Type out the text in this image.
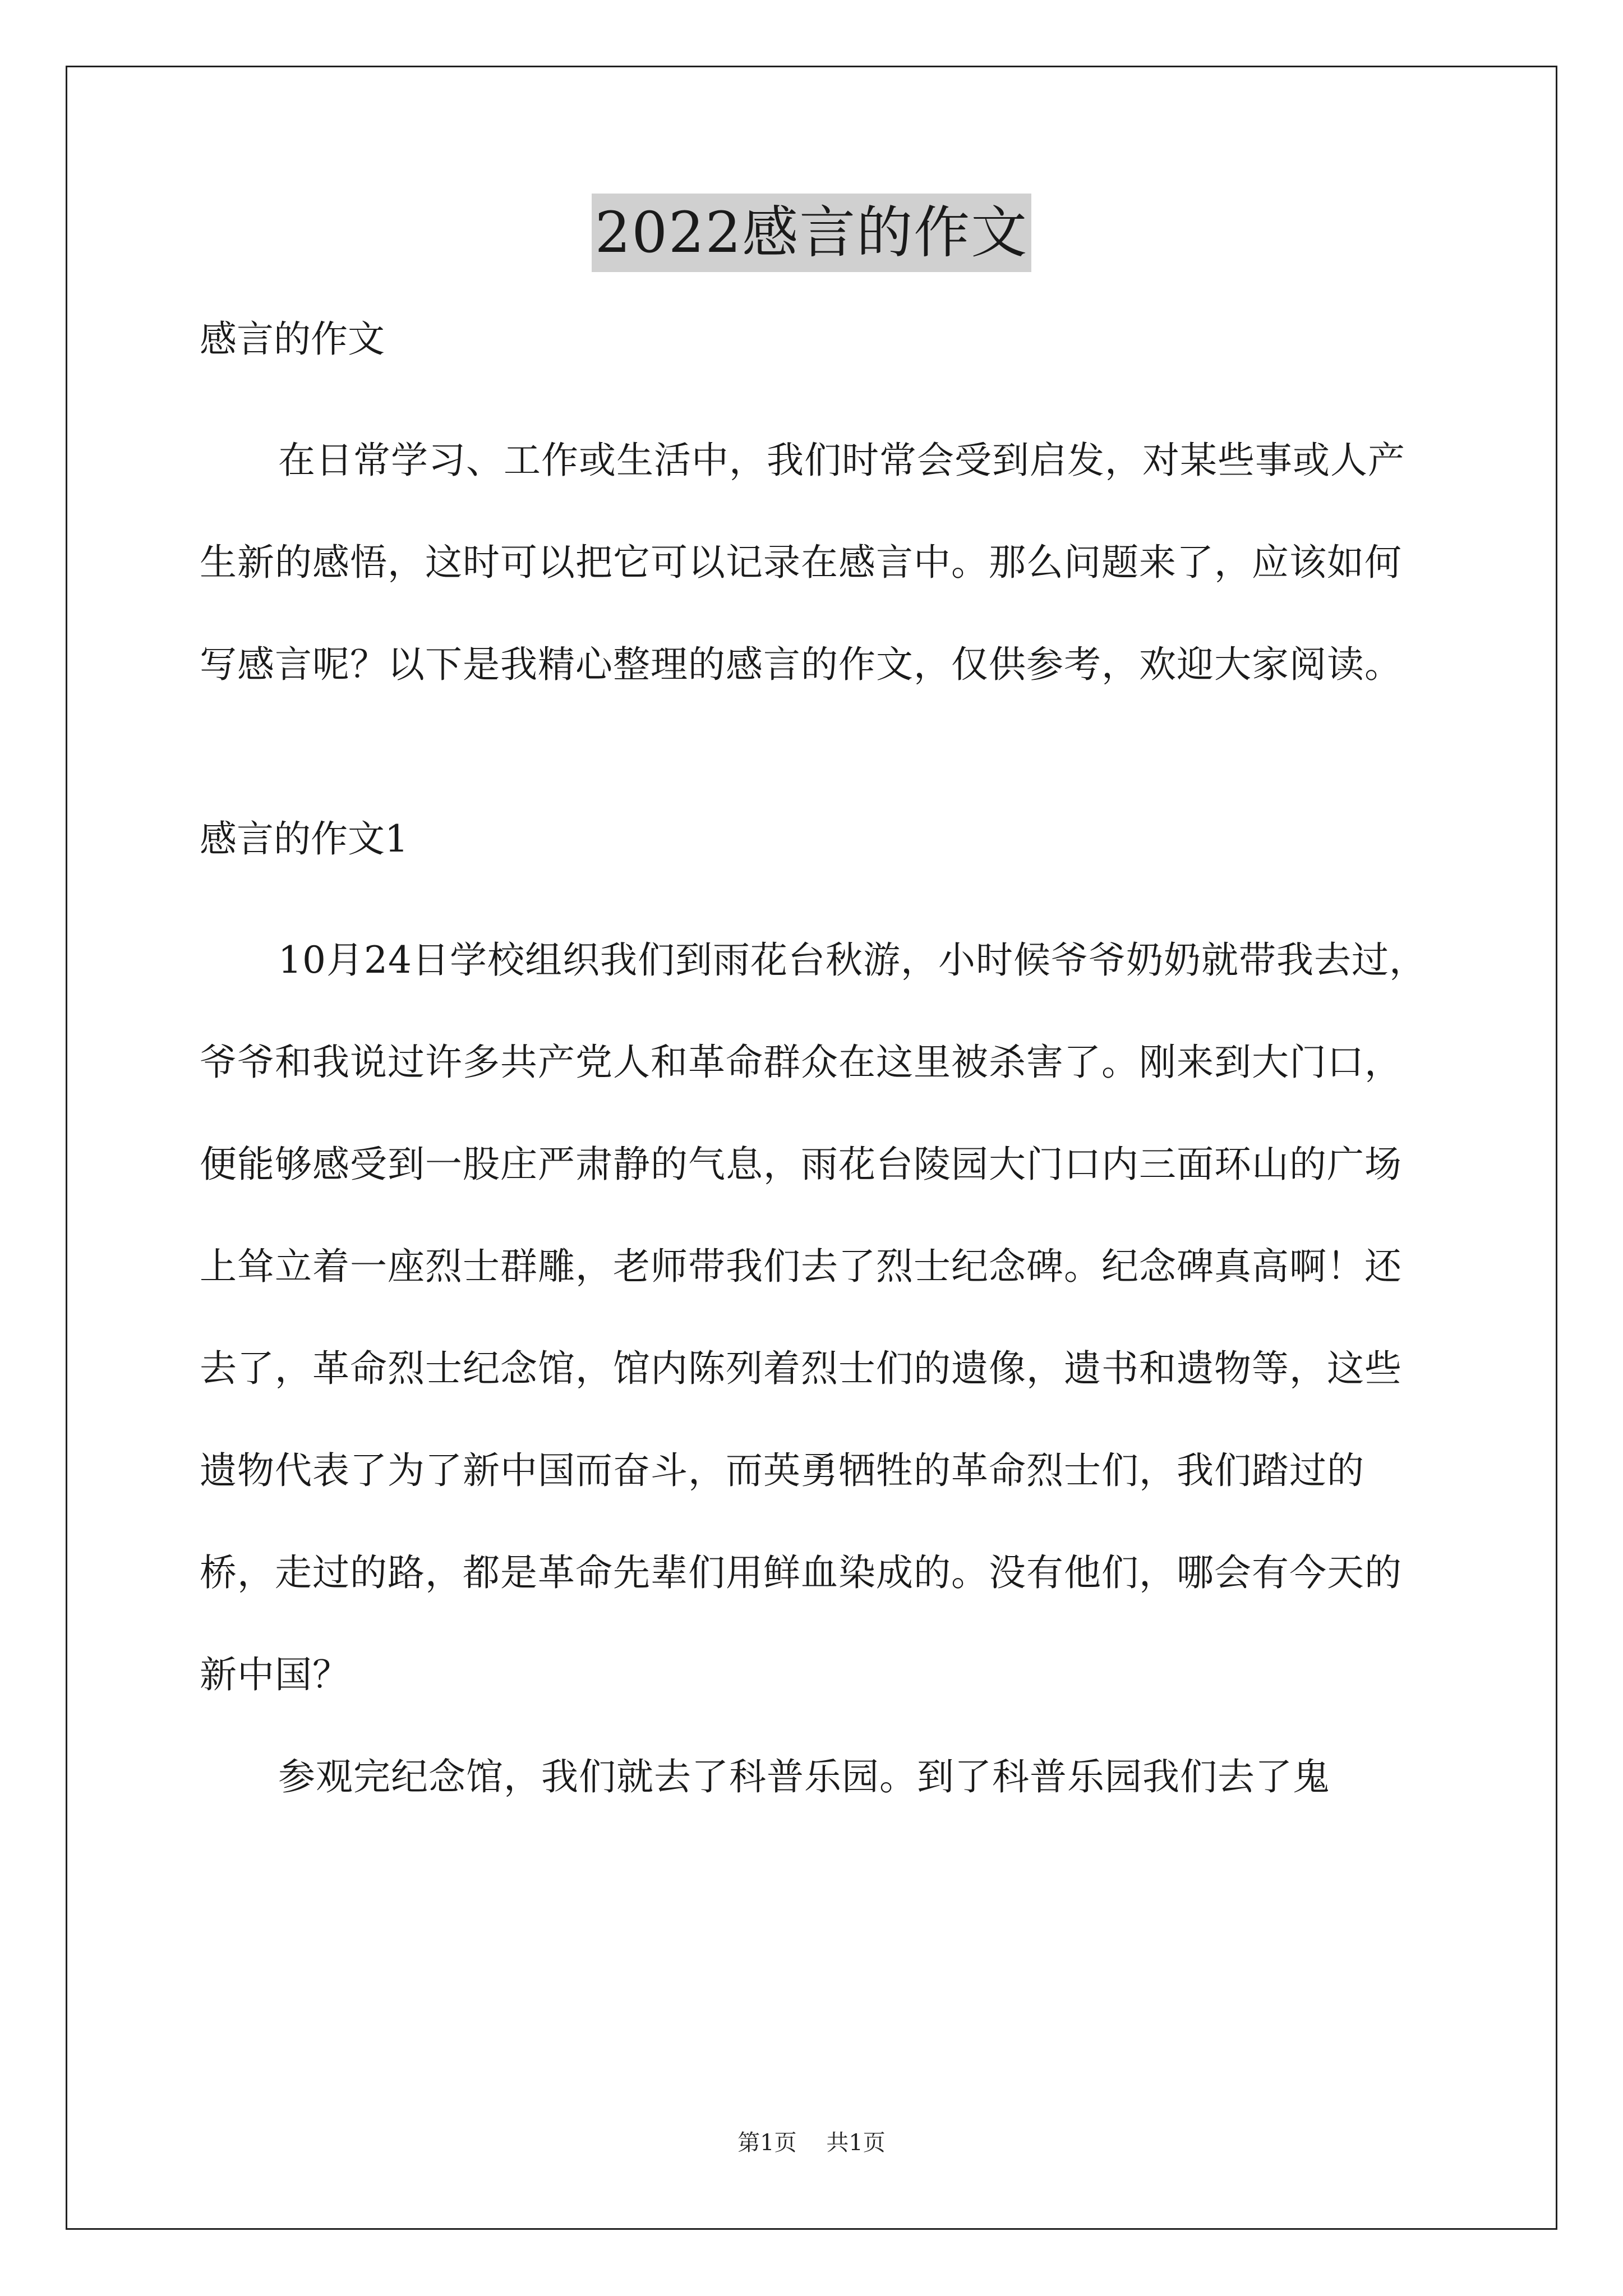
2022感言的作文

感言的作文

在日常学习、工作或生活中，我们时常会受到启发，对某些事或人产生新的感悟，这时可以把它可以记录在感言中。那么问题来了，应该如何写感言呢？以下是我精心整理的感言的作文，仅供参考，欢迎大家阅读。

感言的作文1

10月24日学校组织我们到雨花台秋游，小时候爷爷奶奶就带我去过，爷爷和我说过许多共产党人和革命群众在这里被杀害了。刚来到大门口，便能够感受到一股庄严肃静的气息，雨花台陵园大门口内三面环山的广场上耸立着一座烈士群雕，老师带我们去了烈士纪念碑。纪念碑真高啊！还去了，革命烈士纪念馆，馆内陈列着烈士们的遗像，遗书和遗物等，这些遗物代表了为了新中国而奋斗，而英勇牺牲的革命烈士们，我们踏过的桥，走过的路，都是革命先辈们用鲜血染成的。没有他们，哪会有今天的新中国？

参观完纪念馆，我们就去了科普乐园。到了科普乐园我们去了鬼

第1页 共1页
